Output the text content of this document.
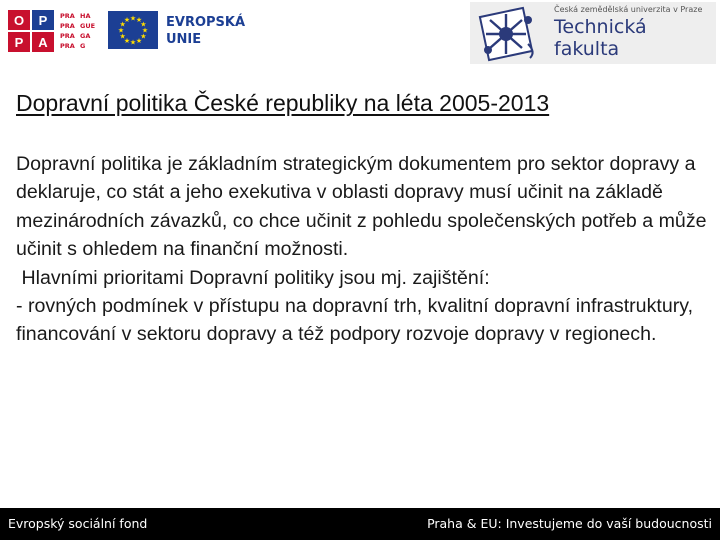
O	P
P	A
PRA HA
PRA GUE
PRA GA
PRA G
★
★
★
★
★
★
★
★
★ ★ ★
★ EVROPSKÁ
UNIE
Česká zemědělská univerzita v Praze
Technická
fakulta
Dopravní politika České republiky na léta 2005-2013

Dopravní politika je základním strategickým dokumentem pro sektor dopravy a deklaruje, co stát a jeho exekutiva v oblasti dopravy musí učinit na základě mezinárodních závazků, co chce učinit z pohledu společenských potřeb a může učinit s ohledem na finanční možnosti.

Hlavními prioritami Dopravní politiky jsou mj. zajištění:

- rovných podmínek v přístupu na dopravní trh, kvalitní dopravní infrastruktury, financování v sektoru dopravy a též podpory rozvoje dopravy v regionech.

Evropský sociální fond	Praha & EU: Investujeme do vaší budoucnosti
